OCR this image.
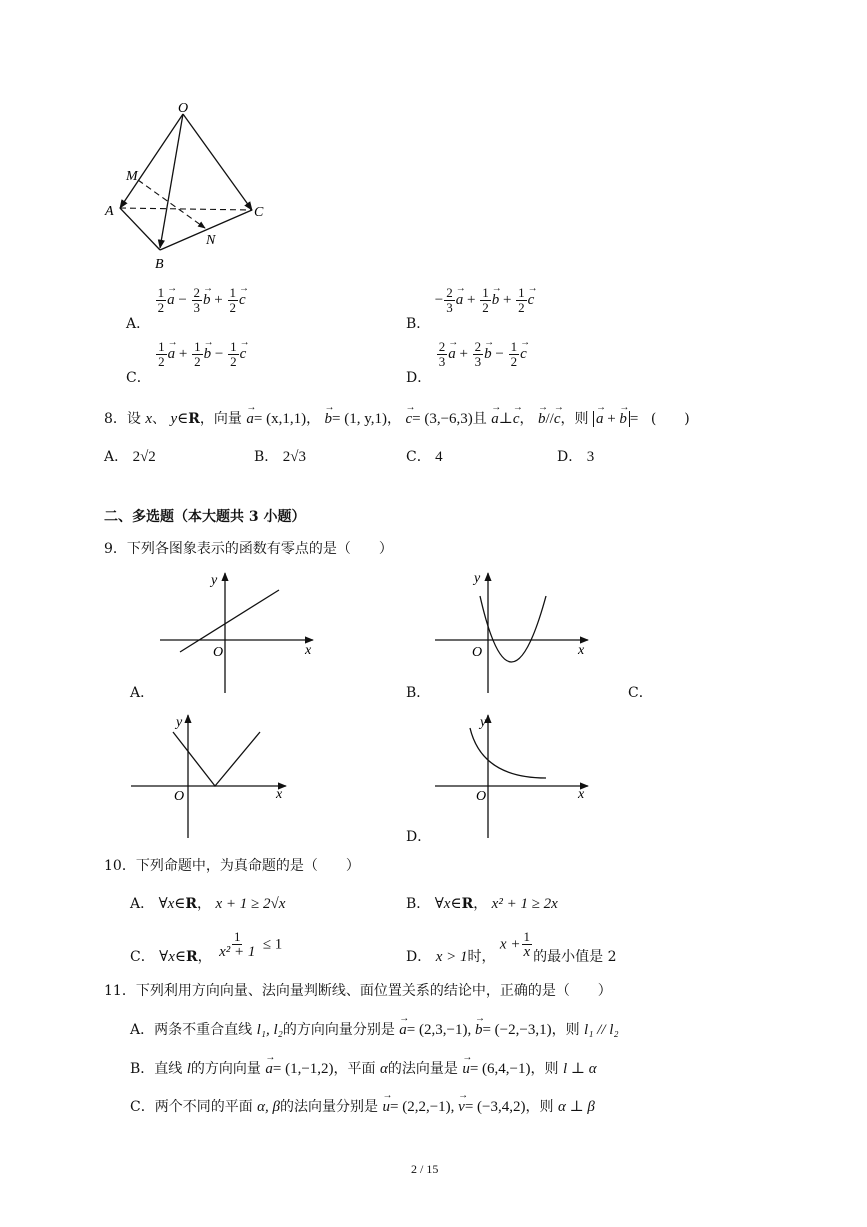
O
M
A	C
N
B
A．
$\frac{1}{2}$
→ $a - \frac{2}{3}$
→ $b + \frac{1}{2}$
→ c
B． − $\frac{2}{3}$
→ $a + \frac{1}{2}$
→ $b + \frac{1}{2}$
→ c
C．
$\frac{1}{2}$
→ $a + \frac{1}{2}$
→ $b - \frac{1}{2}$
→ c
D．
$\frac{2}{3}$
→ $a + \frac{2}{3}$
→ $b - \frac{1}{2}$
→ c
8．设 x、 y∈R，向量 → a= (x,1,1)， → b= (1, y,1)， → c= (3,−6,3)且 → a⊥→ c， → b//→ c，则 → a + → b = (　　)
A． 2√2	B． 2√3	C． 4	D． 3
二、多选题（本大题共 3 小题）
9．下列各图象表示的函数有零点的是（　　）
y
x
O
A．
y
x
O
B．	C．
y
x
O
y
x
O
D．
10．下列命题中，为真命题的是（　　）
A． ∀x∈R， x + 1 ≥ 2√x	B． ∀x∈R， x² + 1 ≥ 2x
C． ∀x∈R， $\frac{1}{\text{x² + 1}} \le 1$
D． x > 1时， $x + \frac{1}{x}$ 的最小值是 2
11．下列利用方向向量、法向量判断线、面位置关系的结论中，正确的是（　　）
A．两条不重合直线 l₁, l₂的方向向量分别是 → a= (2,3,−1), → b= (−2,−3,1)，则 l₁ // l₂
B．直线 l的方向向量 → a= (1,−1,2)，平面 α的法向量是 → u= (6,4,−1)，则 l ⊥ α
C．两个不同的平面 α, β的法向量分别是 → u= (2,2,−1), → v= (−3,4,2)，则 α ⊥ β
2 / 15
